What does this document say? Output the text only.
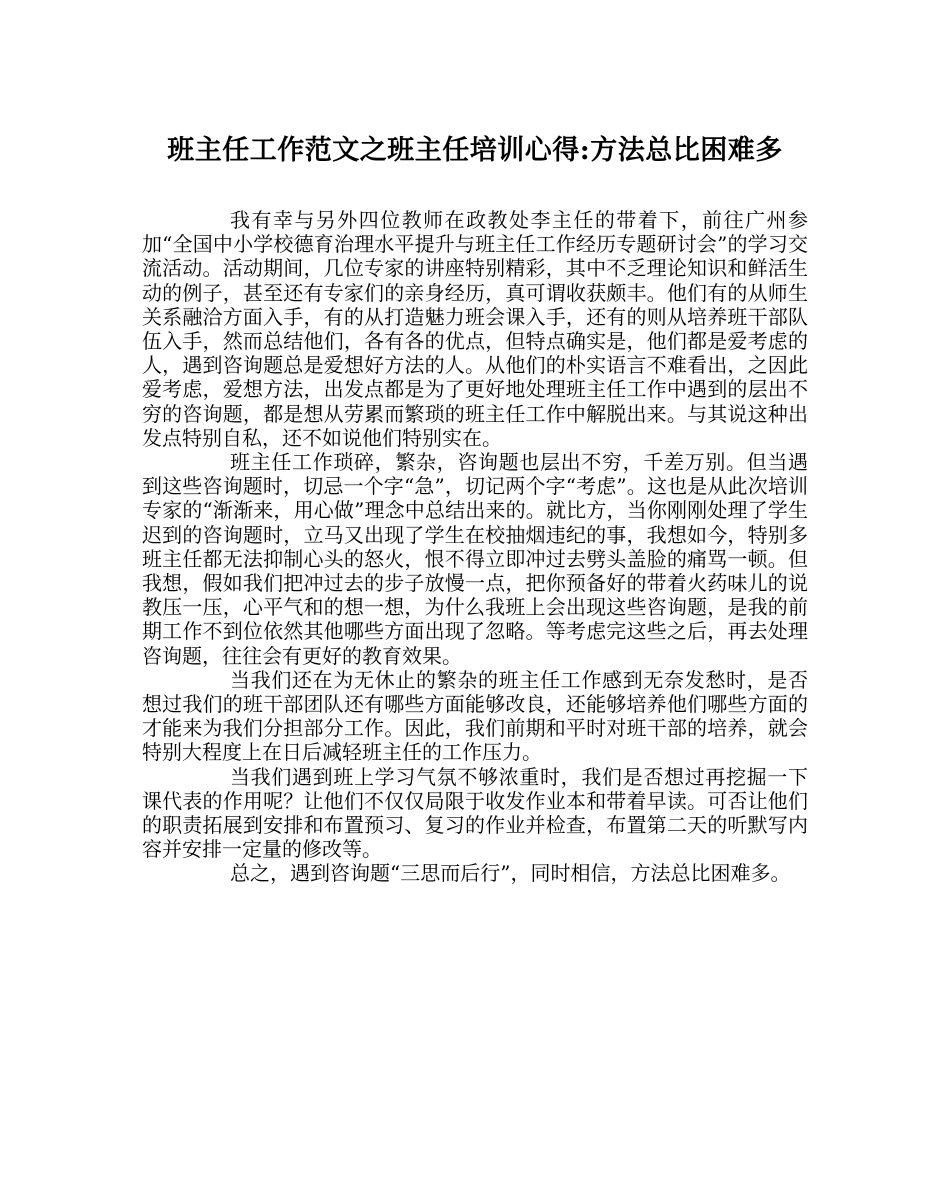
班主任工作范文之班主任培训心得:方法总比困难多

我有幸与另外四位教师在政教处李主任的带着下，前往广州参加“全国中小学校德育治理水平提升与班主任工作经历专题研讨会”的学习交流活动。活动期间，几位专家的讲座特别精彩，其中不乏理论知识和鲜活生动的例子，甚至还有专家们的亲身经历，真可谓收获颇丰。他们有的从师生关系融洽方面入手，有的从打造魅力班会课入手，还有的则从培养班干部队伍入手，然而总结他们，各有各的优点，但特点确实是，他们都是爱考虑的人，遇到咨询题总是爱想好方法的人。从他们的朴实语言不难看出，之因此爱考虑，爱想方法，出发点都是为了更好地处理班主任工作中遇到的层出不穷的咨询题，都是想从劳累而繁琐的班主任工作中解脱出来。与其说这种出发点特别自私，还不如说他们特别实在。

班主任工作琐碎，繁杂，咨询题也层出不穷，千差万别。但当遇到这些咨询题时，切忌一个字“急”，切记两个字“考虑”。这也是从此次培训专家的“渐渐来，用心做”理念中总结出来的。就比方，当你刚刚处理了学生迟到的咨询题时，立马又出现了学生在校抽烟违纪的事，我想如今，特别多班主任都无法抑制心头的怒火，恨不得立即冲过去劈头盖脸的痛骂一顿。但我想，假如我们把冲过去的步子放慢一点，把你预备好的带着火药味儿的说教压一压，心平气和的想一想，为什么我班上会出现这些咨询题，是我的前期工作不到位依然其他哪些方面出现了忽略。等考虑完这些之后，再去处理咨询题，往往会有更好的教育效果。

当我们还在为无休止的繁杂的班主任工作感到无奈发愁时，是否想过我们的班干部团队还有哪些方面能够改良，还能够培养他们哪些方面的才能来为我们分担部分工作。因此，我们前期和平时对班干部的培养，就会特别大程度上在日后减轻班主任的工作压力。

当我们遇到班上学习气氛不够浓重时，我们是否想过再挖掘一下课代表的作用呢？让他们不仅仅局限于收发作业本和带着早读。可否让他们的职责拓展到安排和布置预习、复习的作业并检查，布置第二天的听默写内容并安排一定量的修改等。

总之，遇到咨询题“三思而后行”，同时相信，方法总比困难多。
